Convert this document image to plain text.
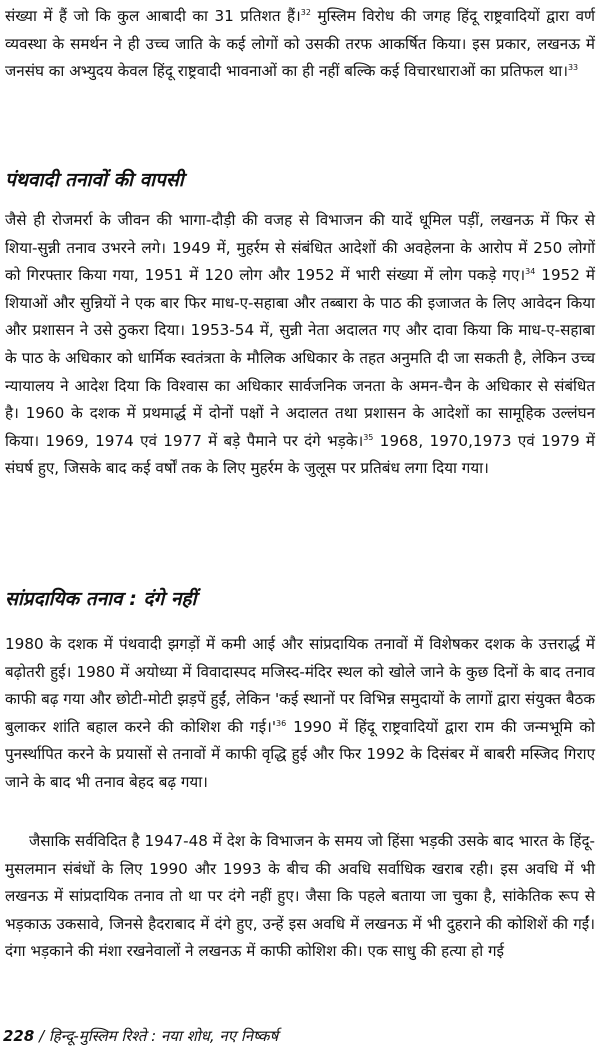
संख्या में हैं जो कि कुल आबादी का 31 प्रतिशत हैं।$^{32}$ मुस्लिम विरोध की जगह हिंदू राष्ट्रवादियों द्वारा वर्ण व्यवस्था के समर्थन ने ही उच्च जाति के कई लोगों को उसकी तरफ आकर्षित किया। इस प्रकार, लखनऊ में जनसंघ का अभ्युदय केवल हिंदू राष्ट्रवादी भावनाओं का ही नहीं बल्कि कई विचारधाराओं का प्रतिफल था।$^{33}$

पंथवादी तनावों की वापसी

जैसे ही रोजमर्रा के जीवन की भागा-दौड़ी की वजह से विभाजन की यादें धूमिल पड़ीं, लखनऊ में फिर से शिया-सुन्नी तनाव उभरने लगे। 1949 में, मुहर्रम से संबंधित आदेशों की अवहेलना के आरोप में 250 लोगों को गिरफ्तार किया गया, 1951 में 120 लोग और 1952 में भारी संख्या में लोग पकड़े गए।$^{34}$ 1952 में शियाओं और सुन्नियों ने एक बार फिर माध-ए-सहाबा और तब्बारा के पाठ की इजाजत के लिए आवेदन किया और प्रशासन ने उसे ठुकरा दिया। 1953-54 में, सुन्नी नेता अदालत गए और दावा किया कि माध-ए-सहाबा के पाठ के अधिकार को धार्मिक स्वतंत्रता के मौलिक अधिकार के तहत अनुमति दी जा सकती है, लेकिन उच्च न्यायालय ने आदेश दिया कि विश्वास का अधिकार सार्वजनिक जनता के अमन-चैन के अधिकार से संबंधित है। 1960 के दशक में प्रथमार्द्ध में दोनों पक्षों ने अदालत तथा प्रशासन के आदेशों का सामूहिक उल्लंघन किया। 1969, 1974 एवं 1977 में बड़े पैमाने पर दंगे भड़के।$^{35}$ 1968, 1970,1973 एवं 1979 में संघर्ष हुए, जिसके बाद कई वर्षों तक के लिए मुहर्रम के जुलूस पर प्रतिबंध लगा दिया गया।

सांप्रदायिक तनाव : दंगे नहीं

1980 के दशक में पंथवादी झगड़ों में कमी आई और सांप्रदायिक तनावों में विशेषकर दशक के उत्तरार्द्ध में बढ़ोतरी हुई। 1980 में अयोध्या में विवादास्पद मजिस्द-मंदिर स्थल को खोले जाने के कुछ दिनों के बाद तनाव काफी बढ़ गया और छोटी-मोटी झड़पें हुईं, लेकिन 'कई स्थानों पर विभिन्न समुदायों के लागों द्वारा संयुक्त बैठक बुलाकर शांति बहाल करने की कोशिश की $गई।'^{36}$ 1990 में हिंदू राष्ट्रवादियों द्वारा राम की जन्मभूमि को पुनर्स्थापित करने के प्रयासों से तनावों में काफी वृद्धि हुई और फिर 1992 के दिसंबर में बाबरी मस्जिद गिराए जाने के बाद भी तनाव बेहद बढ़ गया।

जैसाकि सर्वविदित है 1947-48 में देश के विभाजन के समय जो हिंसा भड़की उसके बाद भारत के हिंदू-मुसलमान संबंधों के लिए 1990 और 1993 के बीच की अवधि सर्वाधिक खराब रही। इस अवधि में भी लखनऊ में सांप्रदायिक तनाव तो था पर दंगे नहीं हुए। जैसा कि पहले बताया जा चुका है, सांकेतिक रूप से भड़काऊ उकसावे, जिनसे हैदराबाद में दंगे हुए, उन्हें इस अवधि में लखनऊ में भी दुहराने की कोशिशें की गईं। दंगा भड़काने की मंशा रखनेवालों ने लखनऊ में काफी कोशिश की। एक साधु की हत्या हो गई

228 / हिन्दू-मुस्लिम रिश्ते : नया शोध, नए निष्कर्ष
